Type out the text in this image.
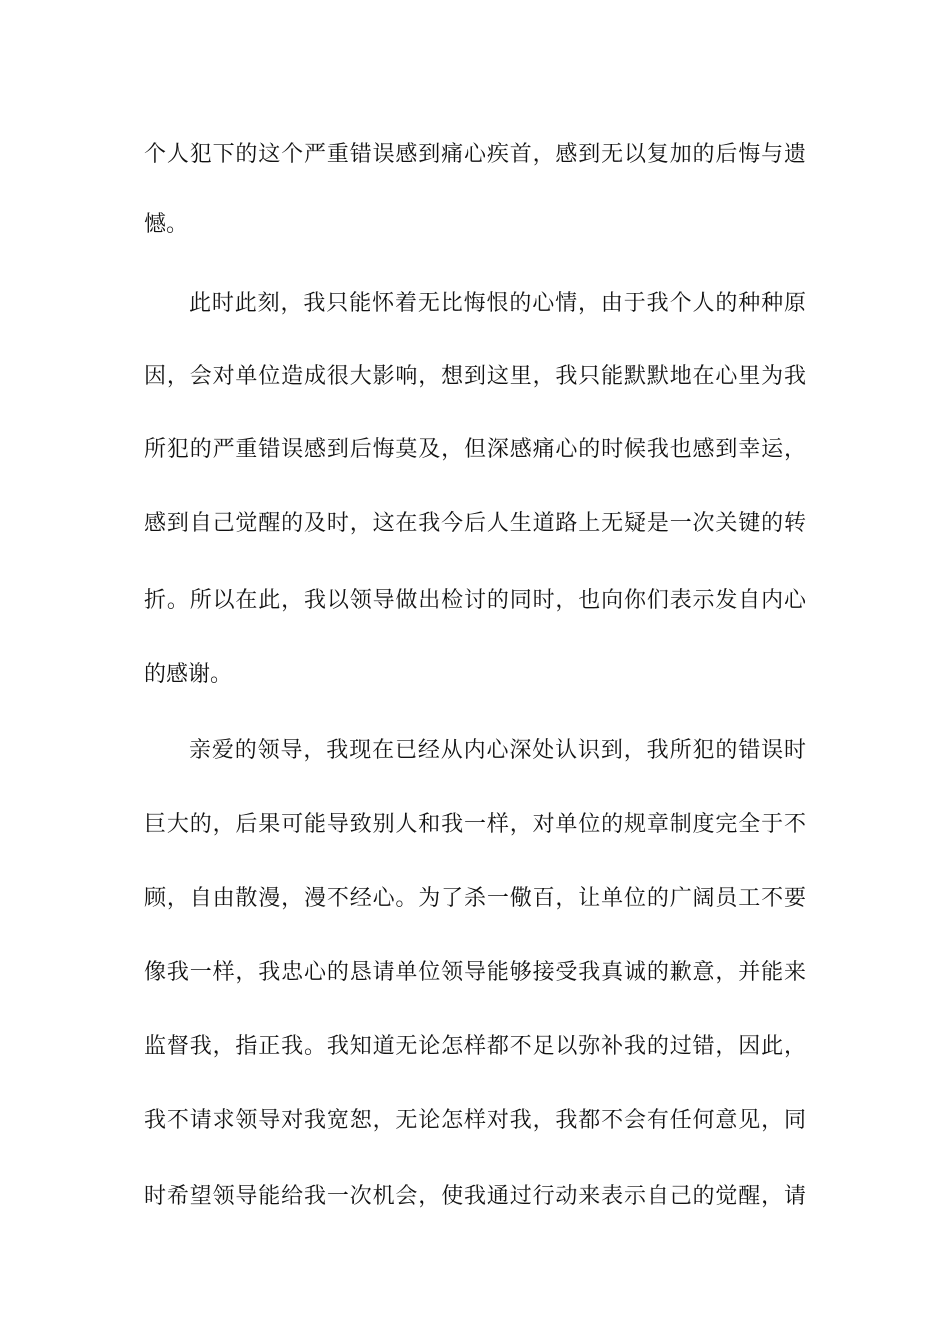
个人犯下的这个严重错误感到痛心疾首，感到无以复加的后悔与遗
憾。
此时此刻，我只能怀着无比悔恨的心情，由于我个人的种种原
因，会对单位造成很大影响，想到这里，我只能默默地在心里为我
所犯的严重错误感到后悔莫及，但深感痛心的时候我也感到幸运，
感到自己觉醒的及时，这在我今后人生道路上无疑是一次关键的转
折。所以在此，我以领导做出检讨的同时，也向你们表示发自内心
的感谢。
亲爱的领导，我现在已经从内心深处认识到，我所犯的错误时
巨大的，后果可能导致别人和我一样，对单位的规章制度完全于不
顾，自由散漫，漫不经心。为了杀一儆百，让单位的广阔员工不要
像我一样，我忠心的恳请单位领导能够接受我真诚的歉意，并能来
监督我，指正我。我知道无论怎样都不足以弥补我的过错，因此，
我不请求领导对我宽恕，无论怎样对我，我都不会有任何意见，同
时希望领导能给我一次机会，使我通过行动来表示自己的觉醒，请
